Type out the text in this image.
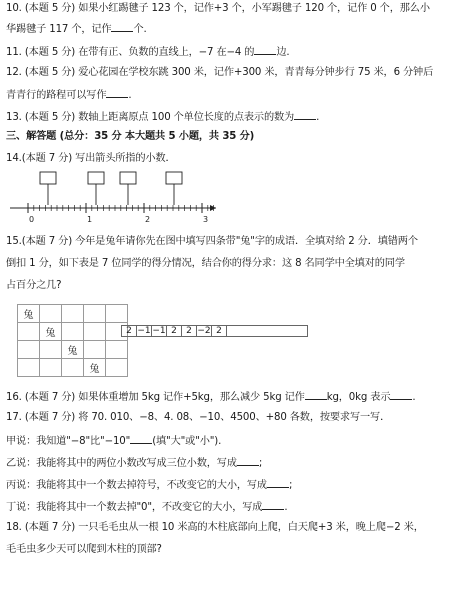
10. (本题 5 分) 如果小红踢毽子 123 个，记作+3 个，小军踢毽子 120 个，记作 0 个，那么小
华踢毽子 117 个，记作 个.
11. (本题 5 分) 在带有正、负数的直线上，−7 在−4 的 边.
12. (本题 5 分) 爱心花园在学校东跳 300 米，记作+300 米，青青每分钟步行 75 米，6 分钟后
青青行的路程可以写作 .
13. (本题 5 分) 数轴上距离原点 100 个单位长度的点表示的数为 .
三、解答题 (总分：35 分 本大题共 5 小题，共 35 分)
14.(本题 7 分) 写出箭头所指的小数．
0	1	2	3
15.(本题 7 分) 今年是兔年请你先在图中填写四条带"兔"字的成语．全填对给 2 分．填错两个
倒扣 1 分，如下表是 7 位同学的得分情况，结合你的得分求：这 8 名同学中全填对的同学
占百分之几?
兔				
	兔			
		兔		
			兔	
2	−1	−1	2	2	−2	2	
16. (本题 7 分) 如果体重增加 5kg 记作+5kg，那么减少 5kg 记作 kg，0kg 表示 .
17. (本题 7 分) 将 70. 010、−8、4. 08、−10、4500、+80 各数，按要求写一写．
甲说：我知道"−8"比"−10" (填"大"或"小").
乙说：我能将其中的两位小数改写成三位小数，写成 ;
丙说：我能将其中一个数去掉符号，不改变它的大小，写成 ;
丁说：我能将其中一个数去掉"0"，不改变它的大小，写成 .
18. (本题 7 分) 一只毛毛虫从一根 10 米高的木柱底部向上爬，白天爬+3 米，晚上爬−2 米，
毛毛虫多少天可以爬到木柱的顶部?
